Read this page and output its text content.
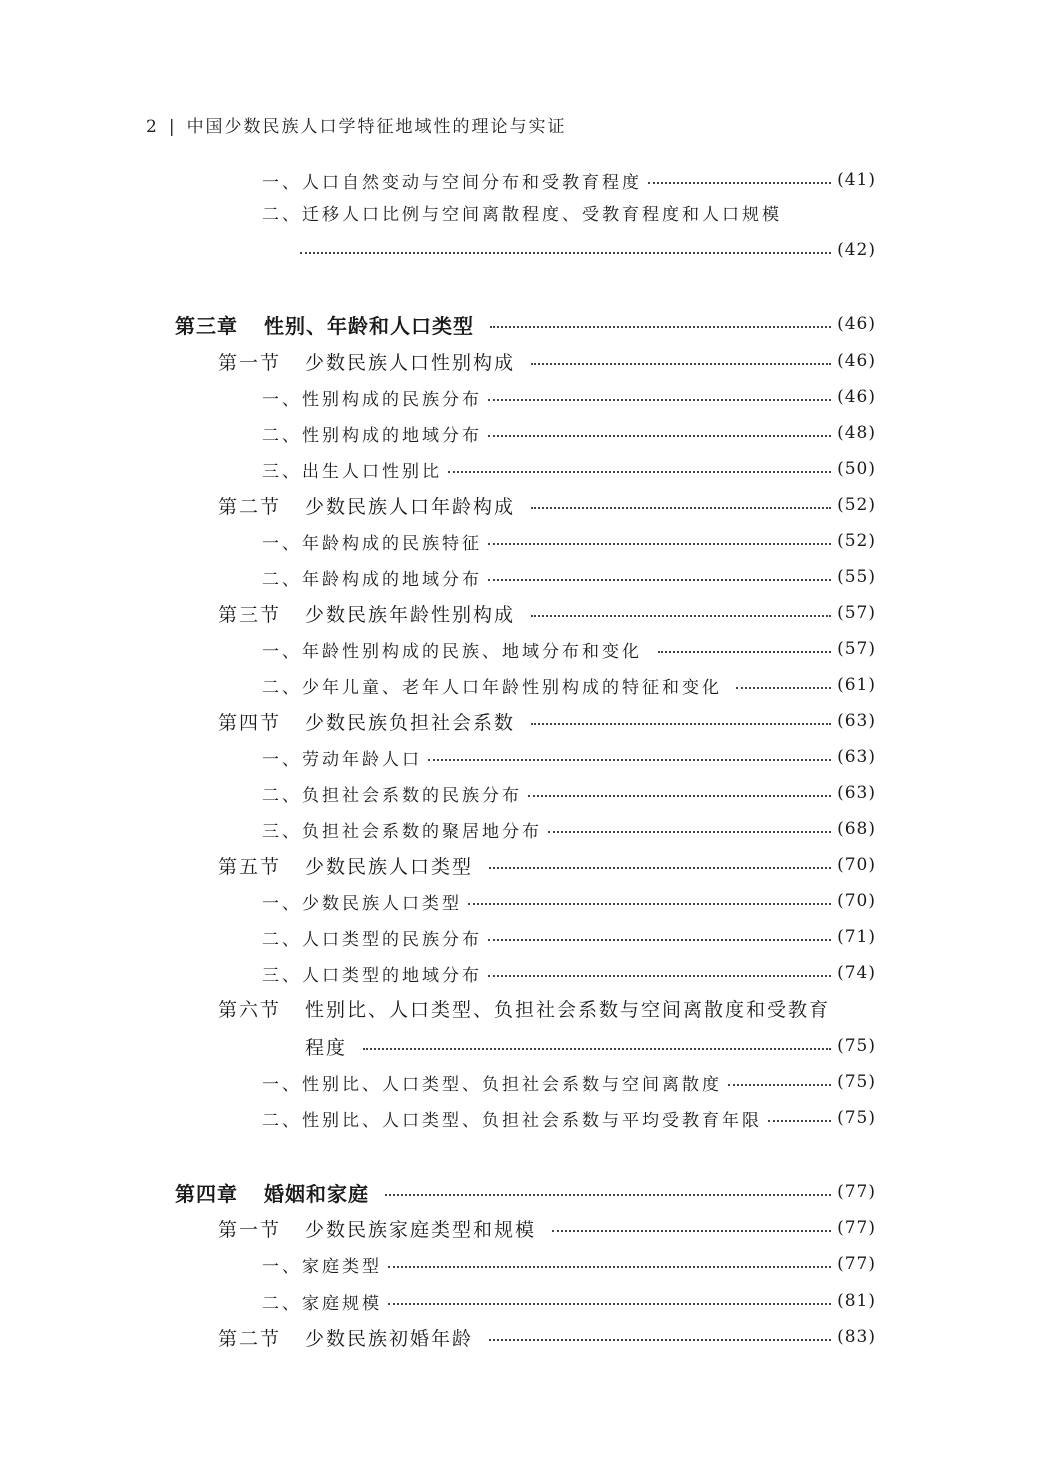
2 | 中国少数民族人口学特征地域性的理论与实证
一、人口自然变动与空间分布和受教育程度	(41)
二、迁移人口比例与空间离散程度、受教育程度和人口规模
(42)
第三章 性别、年龄和人口类型	(46)
第一节 少数民族人口性别构成	(46)
一、性别构成的民族分布	(46)
二、性别构成的地域分布	(48)
三、出生人口性别比	(50)
第二节 少数民族人口年龄构成	(52)
一、年龄构成的民族特征	(52)
二、年龄构成的地域分布	(55)
第三节 少数民族年龄性别构成	(57)
一、年龄性别构成的民族、地域分布和变化	(57)
二、少年儿童、老年人口年龄性别构成的特征和变化	(61)
第四节 少数民族负担社会系数	(63)
一、劳动年龄人口	(63)
二、负担社会系数的民族分布	(63)
三、负担社会系数的聚居地分布	(68)
第五节 少数民族人口类型	(70)
一、少数民族人口类型	(70)
二、人口类型的民族分布	(71)
三、人口类型的地域分布	(74)
第六节 性别比、人口类型、负担社会系数与空间离散度和受教育
程度	(75)
一、性别比、人口类型、负担社会系数与空间离散度	(75)
二、性别比、人口类型、负担社会系数与平均受教育年限	(75)
第四章 婚姻和家庭	(77)
第一节 少数民族家庭类型和规模	(77)
一、家庭类型	(77)
二、家庭规模	(81)
第二节 少数民族初婚年龄	(83)
